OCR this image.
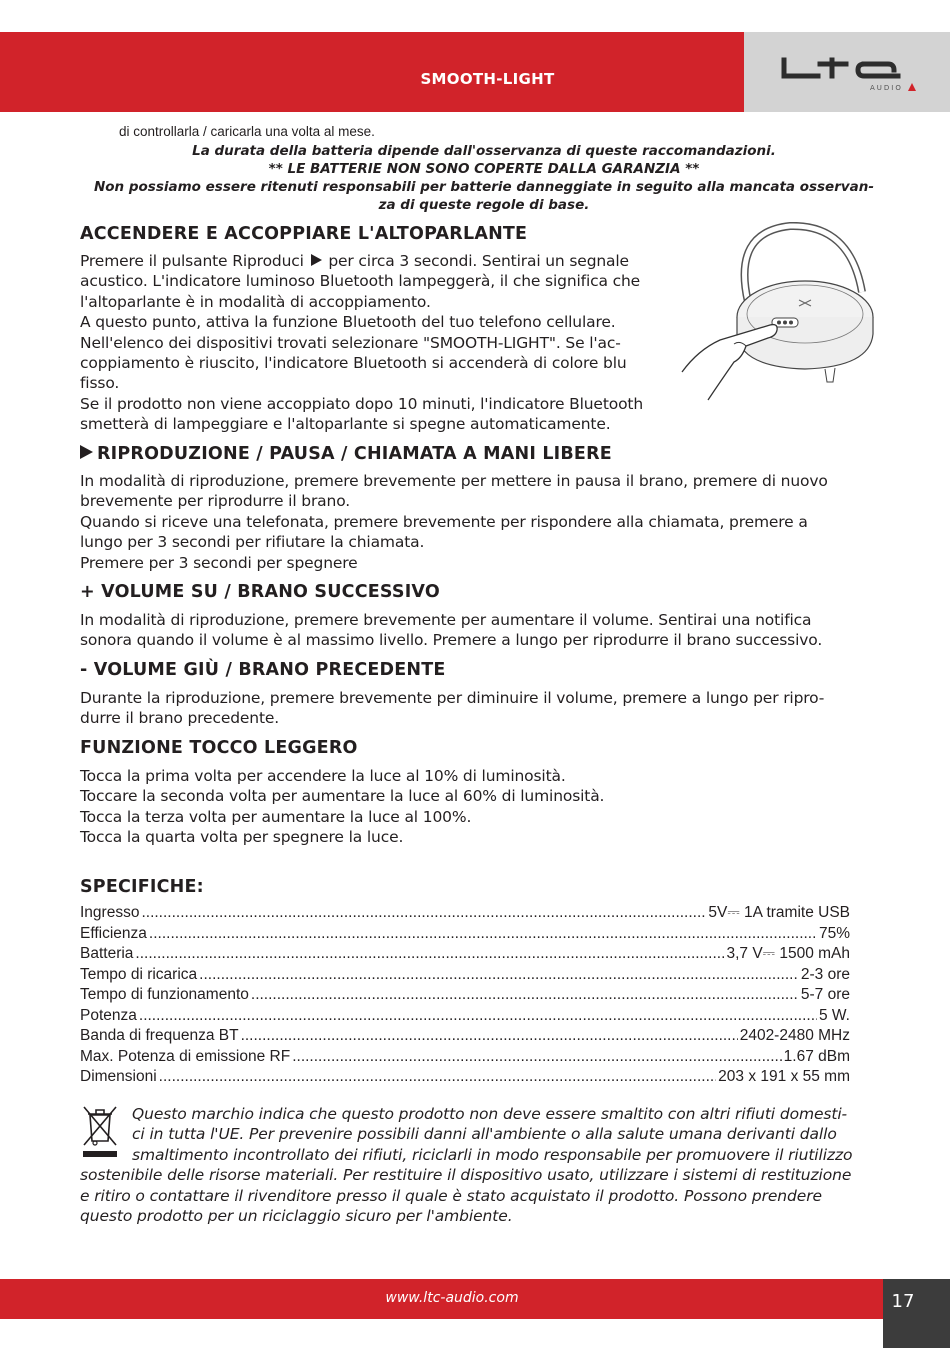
SMOOTH-LIGHT	AUDIO
di controllarla / caricarla una volta al mese.
La durata della batteria dipende dall'osservanza di queste raccomandazioni.
** LE BATTERIE NON SONO COPERTE DALLA GARANZIA **
Non possiamo essere ritenuti responsabili per batterie danneggiate in seguito alla mancata osservan-
za di queste regole di base.
ACCENDERE E ACCOPPIARE L'ALTOPARLANTE
Premere il pulsante Riproduci per circa 3 secondi. Sentirai un segnale
acustico. L'indicatore luminoso Bluetooth lampeggerà, il che significa che
l'altoparlante è in modalità di accoppiamento.
A questo punto, attiva la funzione Bluetooth del tuo telefono cellulare.
Nell'elenco dei dispositivi trovati selezionare "SMOOTH-LIGHT". Se l'ac-
coppiamento è riuscito, l'indicatore Bluetooth si accenderà di colore blu
fisso.
Se il prodotto non viene accoppiato dopo 10 minuti, l'indicatore Bluetooth
smetterà di lampeggiare e l'altoparlante si spegne automaticamente.
RIPRODUZIONE / PAUSA / CHIAMATA A MANI LIBERE
In modalità di riproduzione, premere brevemente per mettere in pausa il brano, premere di nuovo
brevemente per riprodurre il brano.
Quando si riceve una telefonata, premere brevemente per rispondere alla chiamata, premere a
lungo per 3 secondi per rifiutare la chiamata.
Premere per 3 secondi per spegnere
+ VOLUME SU / BRANO SUCCESSIVO
In modalità di riproduzione, premere brevemente per aumentare il volume. Sentirai una notifica
sonora quando il volume è al massimo livello. Premere a lungo per riprodurre il brano successivo.
- VOLUME GIÙ / BRANO PRECEDENTE
Durante la riproduzione, premere brevemente per diminuire il volume, premere a lungo per ripro-
durre il brano precedente.
FUNZIONE TOCCO LEGGERO
Tocca la prima volta per accendere la luce al 10% di luminosità.
Toccare la seconda volta per aumentare la luce al 60% di luminosità.
Tocca la terza volta per aumentare la luce al 100%.
Tocca la quarta volta per spegnere la luce.
SPECIFICHE:
Ingresso .....	5V⎓ 1A tramite USB
Efficienza .....	75%
Batteria .....	3,7 V⎓ 1500 mAh
Tempo di ricarica .....	2-3 ore
Tempo di funzionamento .....	5-7 ore
Potenza .....	5 W.
Banda di frequenza BT .....	2402-2480 MHz
Max. Potenza di emissione RF .....	1.67 dBm
Dimensioni .....	203 x 191 x 55 mm
Questo marchio indica che questo prodotto non deve essere smaltito con altri rifiuti domesti-
ci in tutta l'UE. Per prevenire possibili danni all'ambiente o alla salute umana derivanti dallo
smaltimento incontrollato dei rifiuti, riciclarli in modo responsabile per promuovere il riutilizzo
sostenibile delle risorse materiali. Per restituire il dispositivo usato, utilizzare i sistemi di restituzione
e ritiro o contattare il rivenditore presso il quale è stato acquistato il prodotto. Possono prendere
questo prodotto per un riciclaggio sicuro per l'ambiente.
www.ltc-audio.com	17
